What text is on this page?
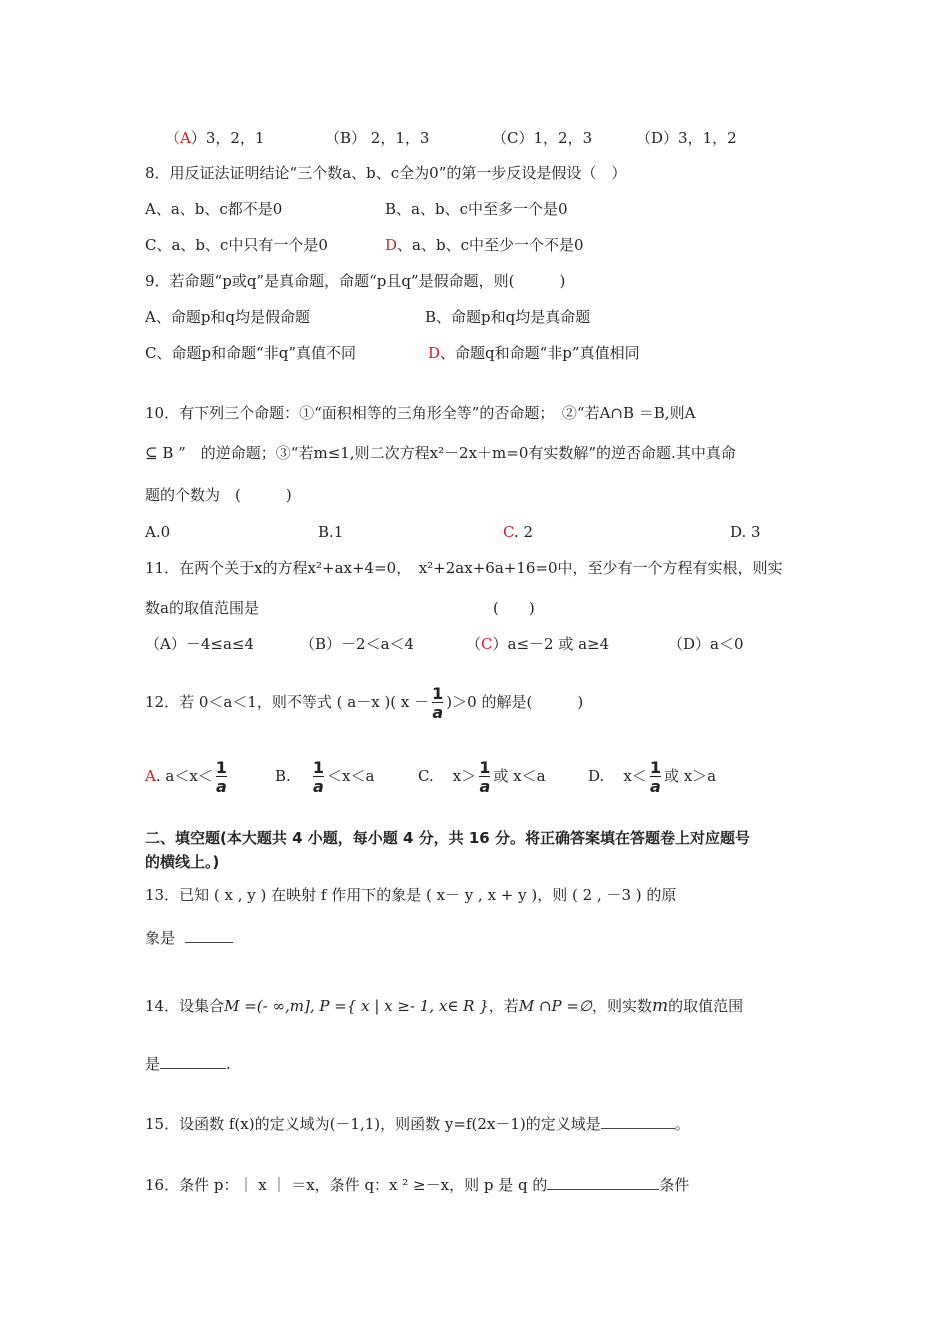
（A）3，2，1	（B） 2，1，3	（C）1，2，3	（D）3，1，2
8．用反证法证明结论“三个数a、b、c全为0”的第一步反设是假设（　）
A、a、b、c都不是0	B、a、b、c中至多一个是0
C、a、b、c中只有一个是0	D、a、b、c中至少一个不是0
9．若命题“p或q”是真命题，命题“p且q”是假命题，则(　　　)
A、命题p和q均是假命题	B、命题p和q均是真命题
C、命题p和命题“非q”真值不同	D、命题q和命题“非p”真值相同
10．有下列三个命题：①“面积相等的三角形全等”的否命题；　②“若A∩B ＝B,则A
⊆ B ”　的逆命题；③“若m≤1,则二次方程x²－2x＋m=0有实数解”的逆否命题.其中真命
题的个数为　(　　　)
A.0	B.1	C. 2	D. 3
11．在两个关于x的方程x²+ax+4=0，　x²+2ax+6a+16=0中，至少有一个方程有实根，则实
数a的取值范围是	(　　)
（A）－4≤a≤4	（B）－2＜a＜4	（C）a≤－2 或 a≥4	（D）a＜0
12．若 0＜a＜1，则不等式 ( a－x )( $x - \frac{1}{a} )>0$ 的解是(　　　)
A. $a<x< \frac{1}{a}$	B. $\frac{1}{a} <x<a$	C. $x> \frac{1}{a}$ 或 x＜a	D. $x< \frac{1}{a}$ 或 x＞a
二、填空题(本大题共 4 小题，每小题 4 分，共 16 分。将正确答案填在答题卷上对应题号
的横线上。)
13．已知 ( x , y ) 在映射 f 作用下的象是 ( x－ y , x + y )，则 ( 2 , －3 ) 的原
象是
14．设集合M =(- ∞,m], P ={ x | x ≥- 1, x∈ R }，若M ∩P =∅，则实数m的取值范围
是	.
15．设函数 f(x)的定义域为(－1,1)，则函数 y=f(2x－1)的定义域是	。
16．条件 p：｜ x ｜ ＝x，条件 q：x ² ≥－x，则 p 是 q 的	条件
